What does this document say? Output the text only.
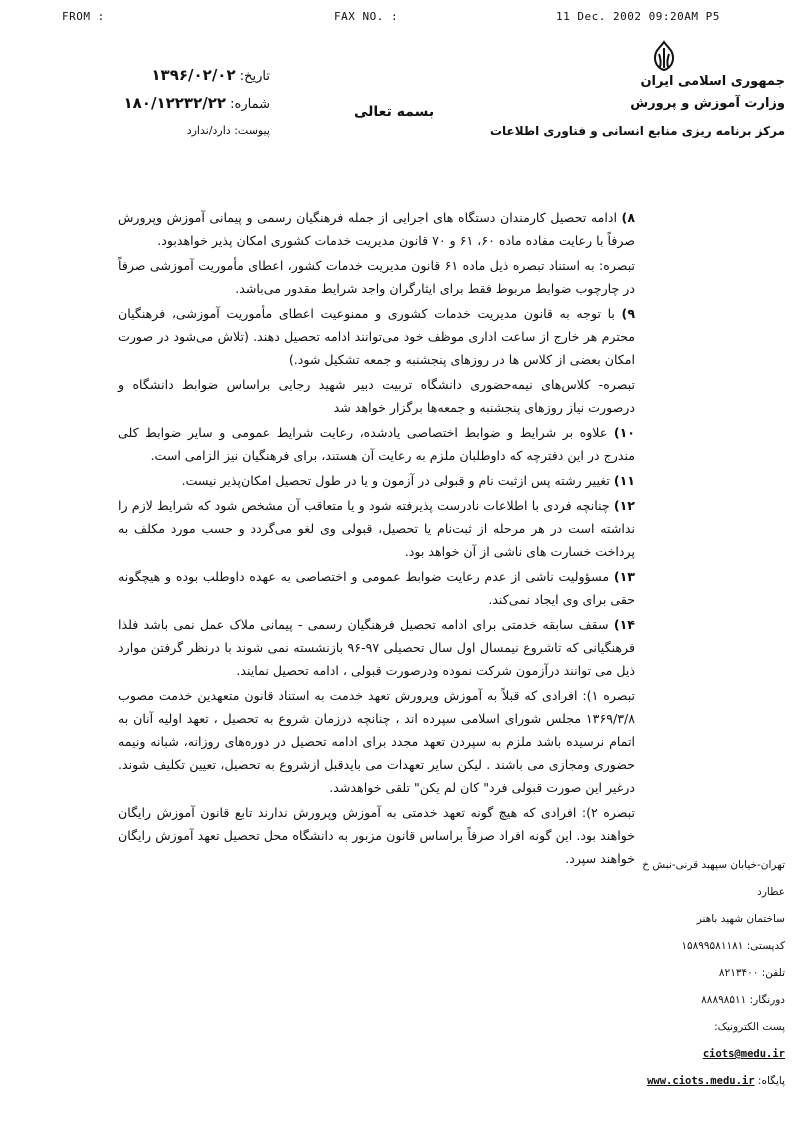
FROM :	FAX NO. :	11 Dec. 2002 09:20AM P5
جمهوری اسلامی ایران
وزارت آموزش و پرورش
مرکز برنامه ریزی منابع انسانی و فناوری اطلاعات
بسمه تعالی
تاریخ: ۱۳۹۶/۰۲/۰۲
شماره: ۱۸۰/۱۲۲۳۲/۲۲
پیوست: دارد/ندارد
۸) ادامه تحصیل کارمندان دستگاه های اجرایی از جمله فرهنگیان رسمی و پیمانی آموزش وپرورش صرفاً با رعایت مفاده ماده ۶۰، ۶۱ و ۷۰ قانون مدیریت خدمات کشوری امکان پذیر خواهدبود.
تبصره: به استناد تبصره ذیل ماده ۶۱ قانون مدیریت خدمات کشور، اعطای مأموریت آموزشی صرفاً در چارچوب ضوابط مربوط فقط برای ایثارگران واجد شرایط مقدور می‌باشد.
۹) با توجه به قانون مدیریت خدمات کشوری و ممنوعیت اعطای مأموریت آموزشی، فرهنگیان محترم هر خارج از ساعت اداری موظف خود می‌توانند ادامه تحصیل دهند. (تلاش می‌شود در صورت امکان بعضی از کلاس ها در روزهای پنجشنبه و جمعه تشکیل شود.)
تبصره- کلاس‌های نیمه‌حضوری دانشگاه تربیت دبیر شهید رجایی براساس ضوابط دانشگاه و درصورت نیاز روزهای پنجشنبه و جمعه‌ها برگزار خواهد شد
۱۰) علاوه بر شرایط و ضوابط اختصاصی یادشده، رعایت شرایط عمومی و سایر ضوابط کلی مندرج در این دفترچه که داوطلبان ملزم به رعایت آن هستند، برای فرهنگیان نیز الزامی است.
۱۱) تغییر رشته پس ازثبت نام و قبولی در آزمون و یا در طول تحصیل امکان‌پذیر نیست.
۱۲) چنانچه فردی با اطلاعات نادرست پذیرفته شود و یا متعاقب آن مشخص شود که شرایط لازم را نداشته است در هر مرحله از ثبت‌نام یا تحصیل، قبولی وی لغو می‌گردد و حسب مورد مکلف به پرداخت خسارت های ناشی از آن خواهد بود.
۱۳) مسؤولیت ناشی از عدم رعایت ضوابط عمومی و اختصاصی به عهده داوطلب بوده و هیچگونه حقی برای وی ایجاد نمی‌کند.
۱۴) سقف سابقه خدمتی برای ادامه تحصیل فرهنگیان رسمی - پیمانی ملاک عمل نمی باشد فلذا فرهنگیانی که تاشروع نیمسال اول سال تحصیلی ۹۷-۹۶ بازنشسته نمی شوند با درنظر گرفتن موارد ذیل می توانند درآزمون شرکت نموده ودرصورت قبولی ، ادامه تحصیل نمایند.
تبصره ۱): افرادی که قبلاً به آموزش وپرورش تعهد خدمت به استناد قانون متعهدین خدمت مصوب ۱۳۶۹/۳/۸ مجلس شورای اسلامی سپرده اند ، چنانچه درزمان شروع به تحصیل ، تعهد اولیه آنان به اتمام نرسیده باشد ملزم به سپردن تعهد مجدد برای ادامه تحصیل در دوره‌های روزانه، شبانه ونیمه حضوری ومجازی می باشند . لیکن سایر تعهدات می بایدقبل ازشروع به تحصیل، تعیین تکلیف شوند. درغیر این صورت قبولی فرد" کان لم یکن" تلقی خواهدشد.
تبصره ۲): افرادی که هیچ گونه تعهد خدمتی به آموزش وپرورش ندارند تابع قانون آموزش رایگان خواهند بود. این گونه افراد صرفاً براساس قانون مزبور به دانشگاه محل تحصیل تعهد آموزش رایگان خواهند سپرد. تهران-خیابان سپهبد قرنی-نبش خ عطارد
ساختمان شهید باهنر
کدپستی: ۱۵۸۹۹۵۸۱۱۸۱
تلفن: ۸۲۱۳۴۰۰
دورنگار: ۸۸۸۹۸۵۱۱
پست الکترونیک: ciots@medu.ir
پایگاه: www.ciots.medu.ir
